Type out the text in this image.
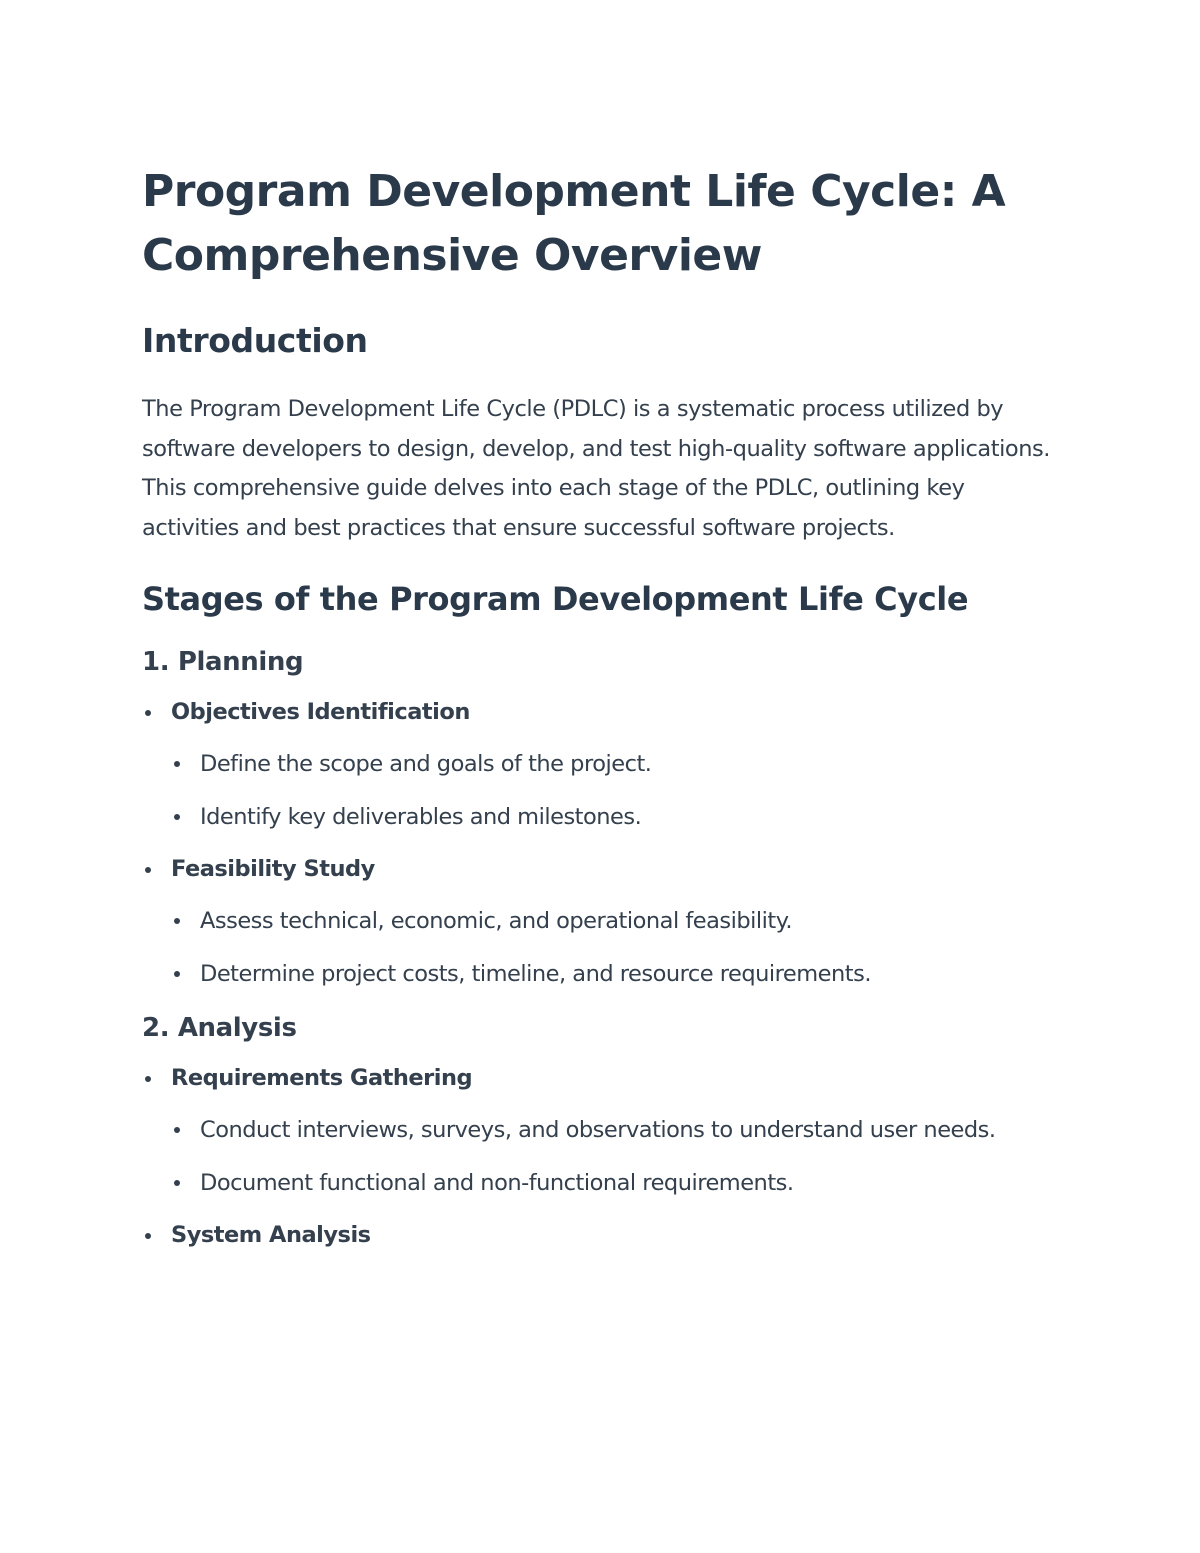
Program Development Life Cycle: A Comprehensive Overview
Introduction

The Program Development Life Cycle (PDLC) is a systematic process utilized by software developers to design, develop, and test high-quality software applications. This comprehensive guide delves into each stage of the PDLC, outlining key activities and best practices that ensure successful software projects.

Stages of the Program Development Life Cycle
1. Planning
Objectives Identification
Define the scope and goals of the project.
Identify key deliverables and milestones.
Feasibility Study
Assess technical, economic, and operational feasibility.
Determine project costs, timeline, and resource requirements.
2. Analysis
Requirements Gathering
Conduct interviews, surveys, and observations to understand user needs.
Document functional and non-functional requirements.
System Analysis
